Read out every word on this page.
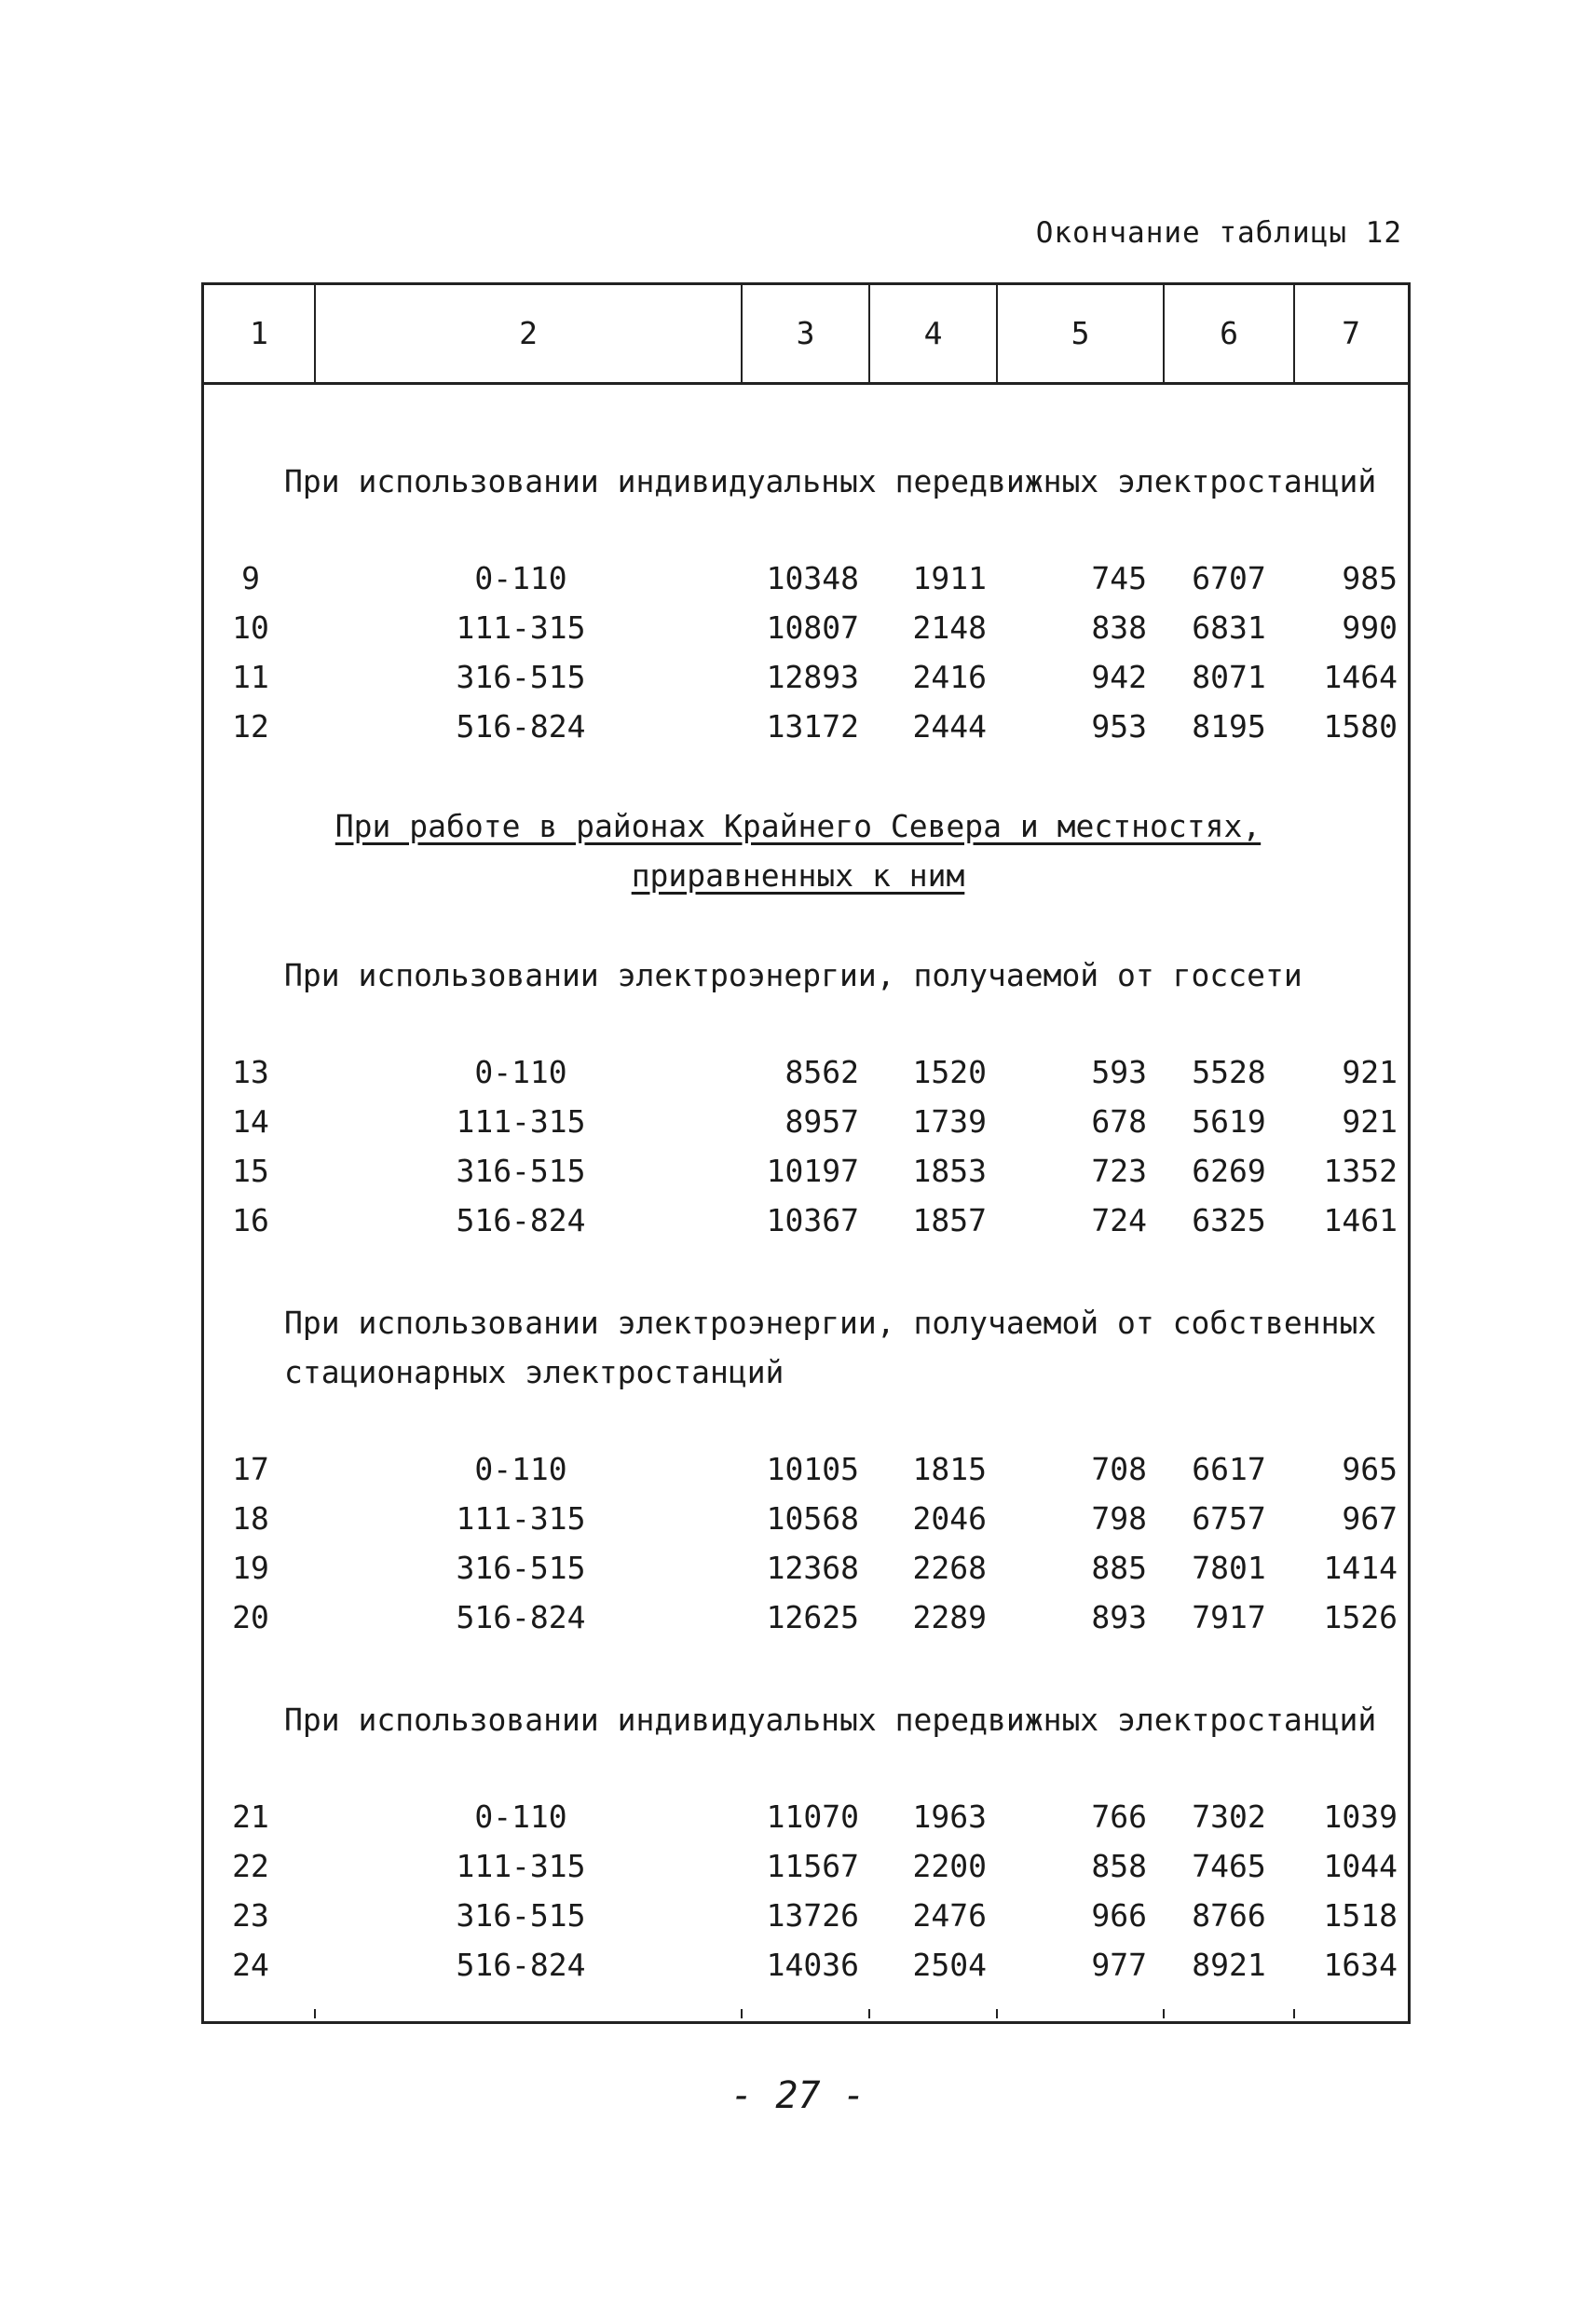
Окончание таблицы 12
1	2	3	4	5	6	7
При использовании индивидуальных передвижных электростанций
При работе в районах Крайнего Севера и местностях,
приравненных к ним
При использовании электроэнергии, получаемой от госсети
При использовании электроэнергии, получаемой от собственных
стационарных электростанций
При использовании индивидуальных передвижных электростанций
9	0-110	10348	1911	745	6707	985
10	111-315	10807	2148	838	6831	990
11	316-515	12893	2416	942	8071	1464
12	516-824	13172	2444	953	8195	1580
13	0-110	8562	1520	593	5528	921
14	111-315	8957	1739	678	5619	921
15	316-515	10197	1853	723	6269	1352
16	516-824	10367	1857	724	6325	1461
17	0-110	10105	1815	708	6617	965
18	111-315	10568	2046	798	6757	967
19	316-515	12368	2268	885	7801	1414
20	516-824	12625	2289	893	7917	1526
21	0-110	11070	1963	766	7302	1039
22	111-315	11567	2200	858	7465	1044
23	316-515	13726	2476	966	8766	1518
24	516-824	14036	2504	977	8921	1634
- 27 -
